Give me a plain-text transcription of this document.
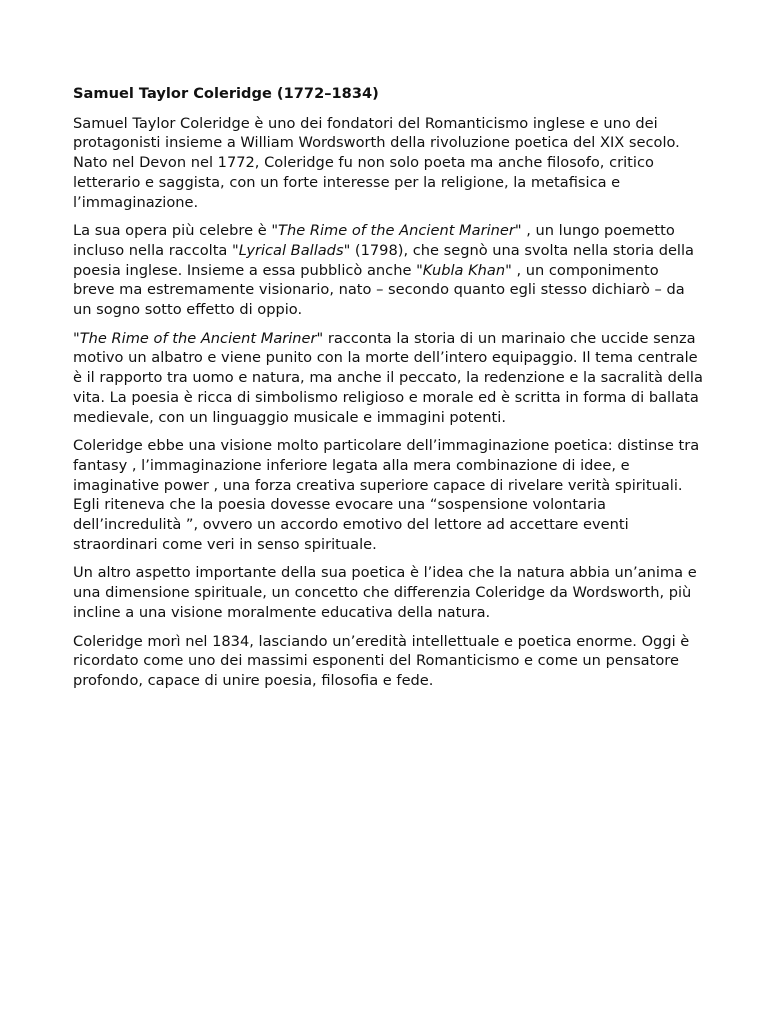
Samuel Taylor Coleridge (1772–1834)

Samuel Taylor Coleridge è uno dei fondatori del Romanticismo inglese e uno dei protagonisti insieme a William Wordsworth della rivoluzione poetica del XIX secolo. Nato nel Devon nel 1772, Coleridge fu non solo poeta ma anche filosofo, critico letterario e saggista, con un forte interesse per la religione, la metafisica e l’immaginazione.

La sua opera più celebre è "The Rime of the Ancient Mariner" , un lungo poemetto incluso nella raccolta "Lyrical Ballads" (1798), che segnò una svolta nella storia della poesia inglese. Insieme a essa pubblicò anche "Kubla Khan" , un componimento breve ma estremamente visionario, nato – secondo quanto egli stesso dichiarò – da un sogno sotto effetto di oppio.

"The Rime of the Ancient Mariner" racconta la storia di un marinaio che uccide senza motivo un albatro e viene punito con la morte dell’intero equipaggio. Il tema centrale è il rapporto tra uomo e natura, ma anche il peccato, la redenzione e la sacralità della vita. La poesia è ricca di simbolismo religioso e morale ed è scritta in forma di ballata medievale, con un linguaggio musicale e immagini potenti.

Coleridge ebbe una visione molto particolare dell’immaginazione poetica: distinse tra fantasy , l’immaginazione inferiore legata alla mera combinazione di idee, e imaginative power , una forza creativa superiore capace di rivelare verità spirituali. Egli riteneva che la poesia dovesse evocare una “sospensione volontaria dell’incredulità ”, ovvero un accordo emotivo del lettore ad accettare eventi straordinari come veri in senso spirituale.

Un altro aspetto importante della sua poetica è l’idea che la natura abbia un’anima e una dimensione spirituale, un concetto che differenzia Coleridge da Wordsworth, più incline a una visione moralmente educativa della natura.

Coleridge morì nel 1834, lasciando un’eredità intellettuale e poetica enorme. Oggi è ricordato come uno dei massimi esponenti del Romanticismo e come un pensatore profondo, capace di unire poesia, filosofia e fede.
